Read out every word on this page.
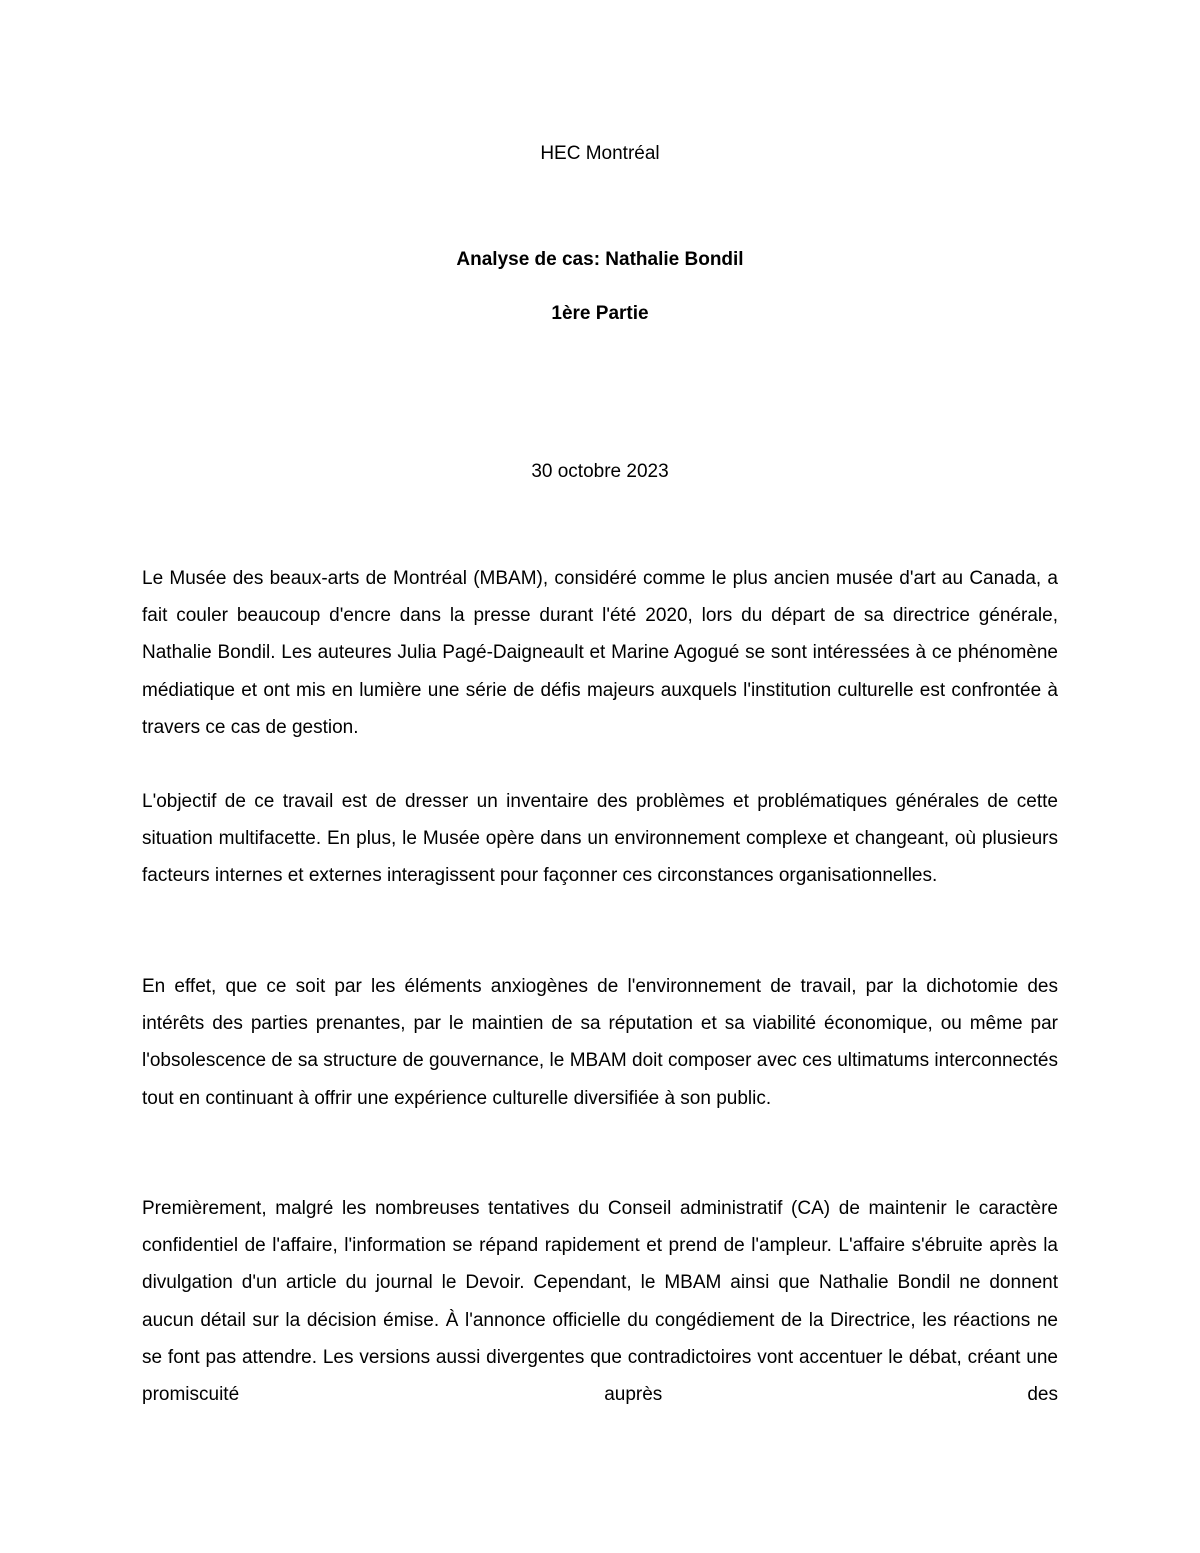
HEC Montréal

Analyse de cas: Nathalie Bondil

1ère Partie

30 octobre 2023

Le Musée des beaux-arts de Montréal (MBAM), considéré comme le plus ancien musée d'art au Canada, a fait couler beaucoup d'encre dans la presse durant l'été 2020, lors du départ de sa directrice générale, Nathalie Bondil. Les auteures Julia Pagé-Daigneault et Marine Agogué se sont intéressées à ce phénomène médiatique et ont mis en lumière une série de défis majeurs auxquels l'institution culturelle est confrontée à travers ce cas de gestion.

L'objectif de ce travail est de dresser un inventaire des problèmes et problématiques générales de cette situation multifacette. En plus, le Musée opère dans un environnement complexe et changeant, où plusieurs facteurs internes et externes interagissent pour façonner ces circonstances organisationnelles.

En effet, que ce soit par les éléments anxiogènes de l'environnement de travail, par la dichotomie des intérêts des parties prenantes, par le maintien de sa réputation et sa viabilité économique, ou même par l'obsolescence de sa structure de gouvernance, le MBAM doit composer avec ces ultimatums interconnectés tout en continuant à offrir une expérience culturelle diversifiée à son public.

Premièrement, malgré les nombreuses tentatives du Conseil administratif (CA) de maintenir le caractère confidentiel de l'affaire, l'information se répand rapidement et prend de l'ampleur. L'affaire s'ébruite après la divulgation d'un article du journal le Devoir. Cependant, le MBAM ainsi que Nathalie Bondil ne donnent aucun détail sur la décision émise. À l'annonce officielle du congédiement de la Directrice, les réactions ne se font pas attendre. Les versions aussi divergentes que contradictoires vont accentuer le débat, créant une promiscuité auprès des
